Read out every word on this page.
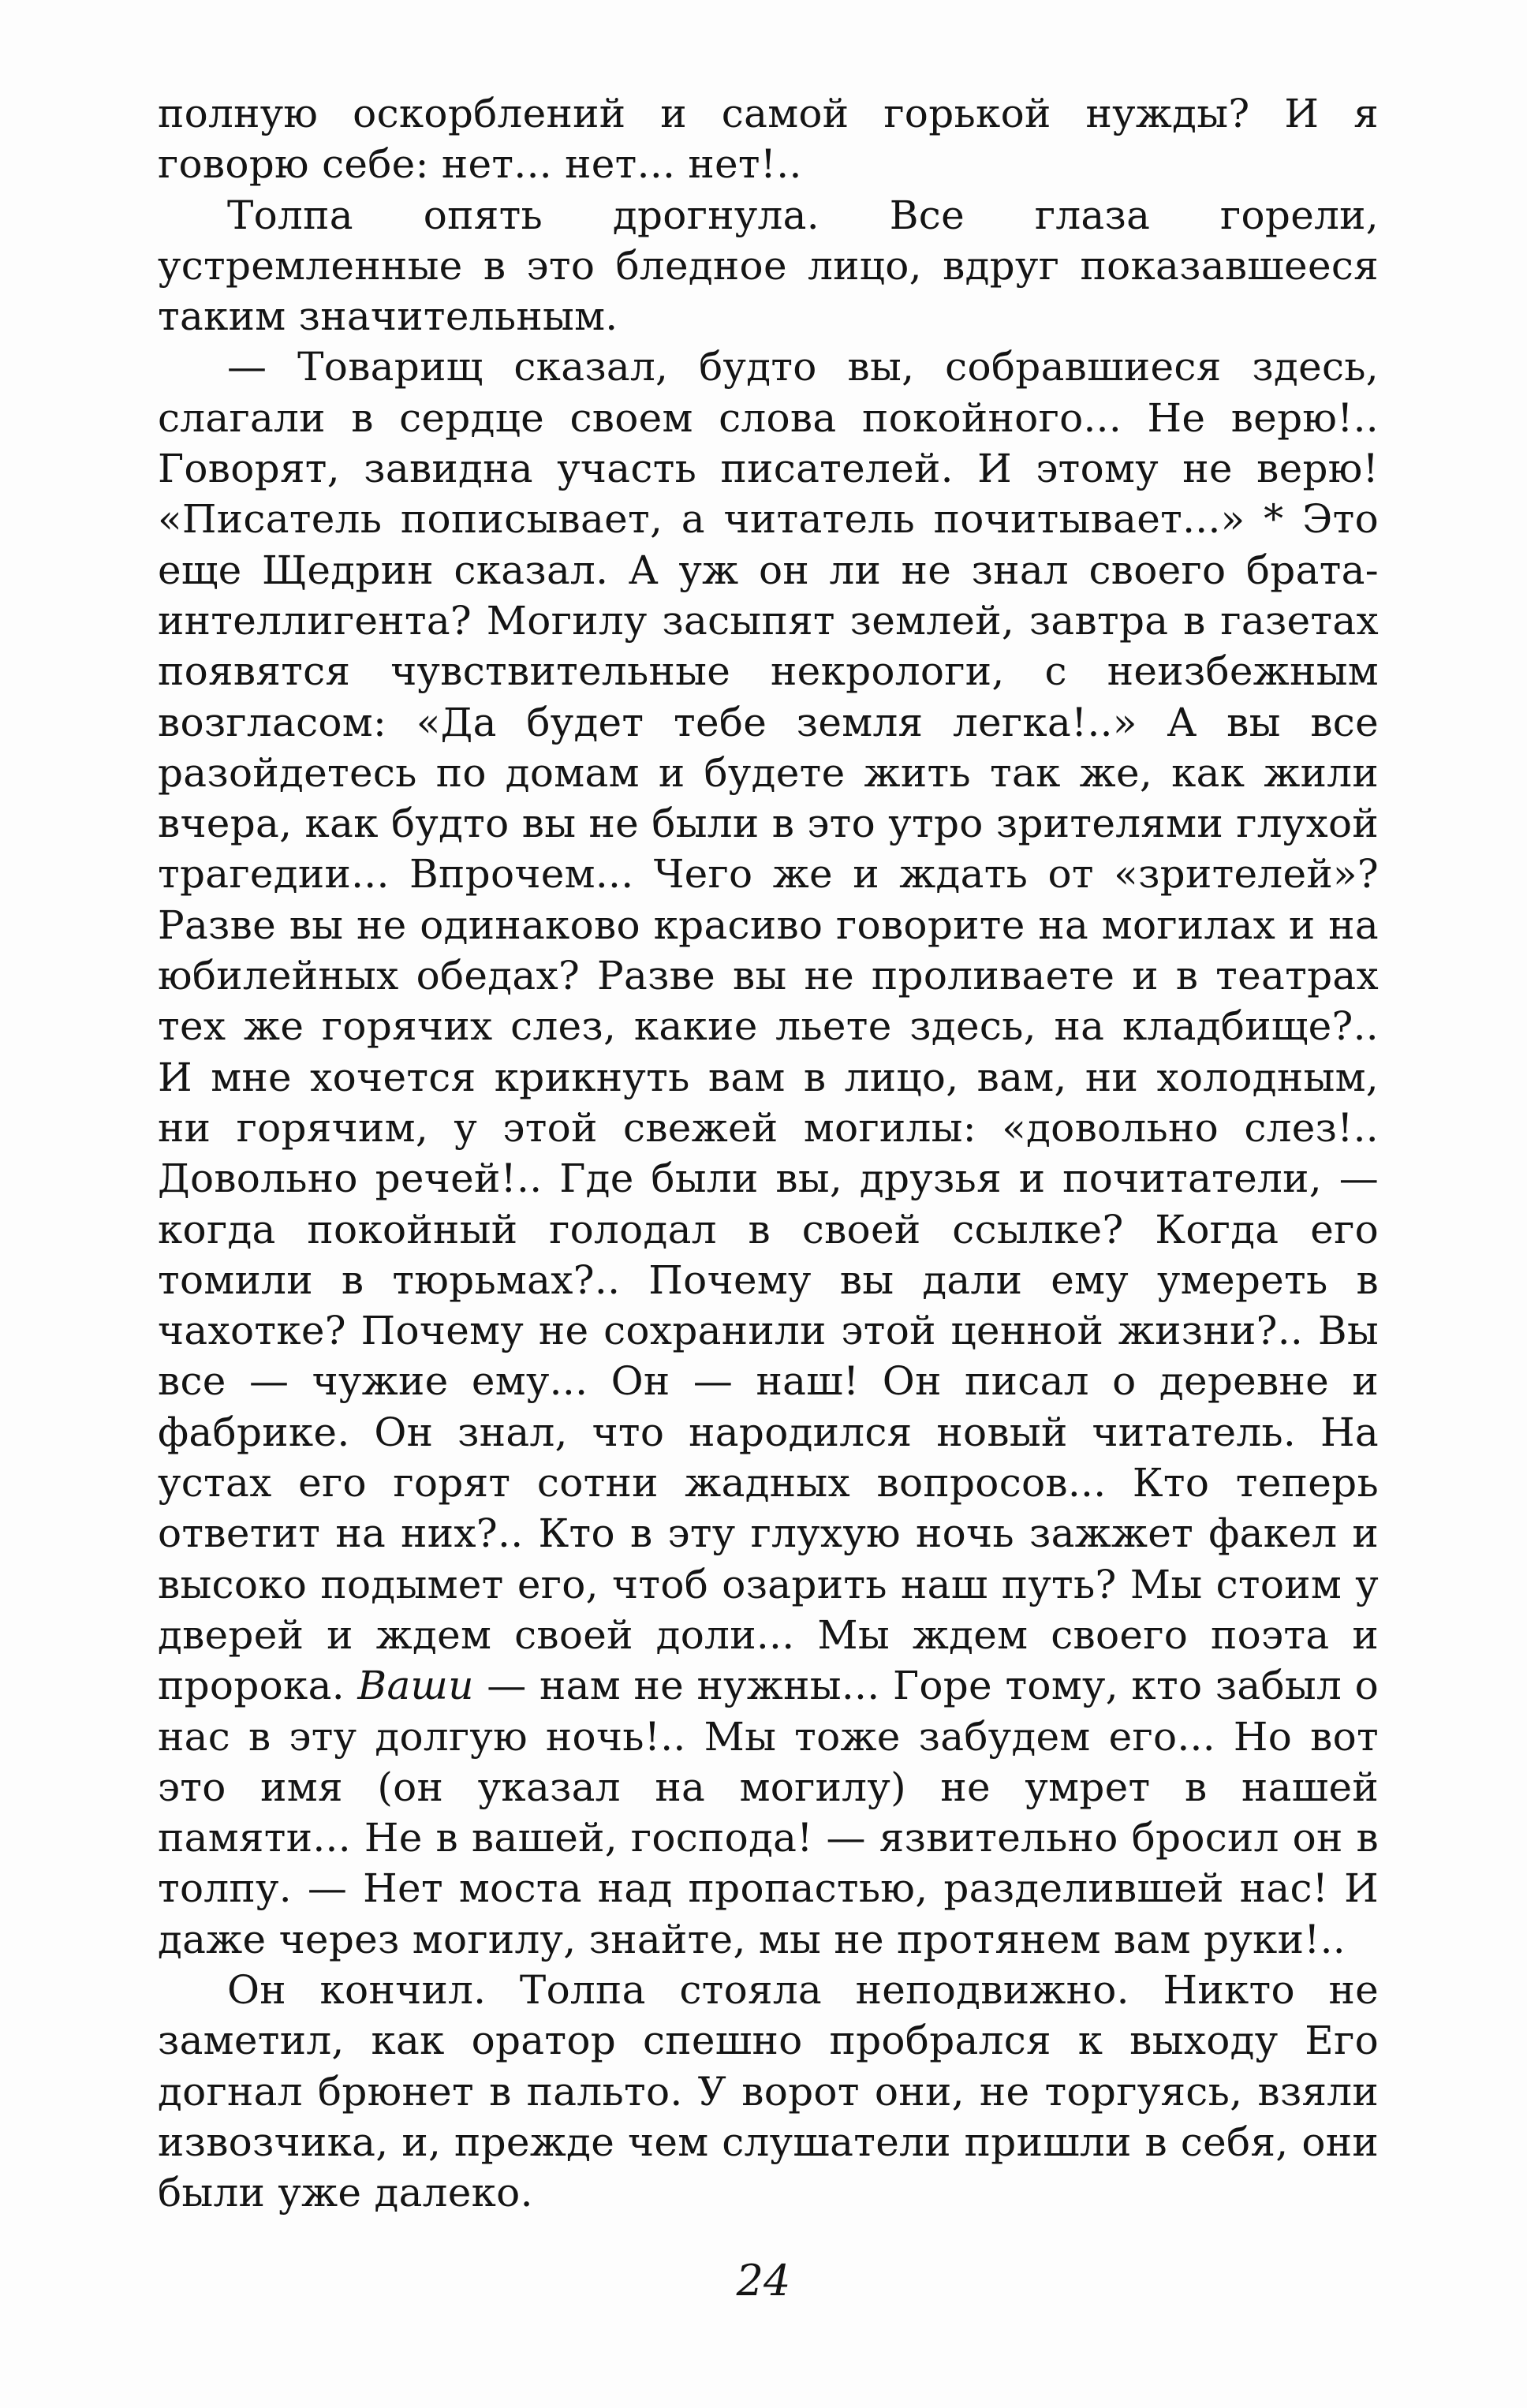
полную оскорблений и самой горькой нужды? И я говорю себе: нет... нет... нет!..

Толпа опять дрогнула. Все глаза горели, устремленные в это бледное лицо, вдруг показавшееся таким значительным.

— Товарищ сказал, будто вы, собравшиеся здесь, слагали в сердце своем слова покойного... Не верю!.. Говорят, завидна участь писателей. И этому не верю! «Писатель пописывает, а читатель почитывает...» * Это еще Щедрин сказал. А уж он ли не знал своего брата-интеллигента? Могилу засыпят землей, завтра в газетах появятся чувствительные некрологи, с неизбежным возгласом: «Да будет тебе земля легка!..» А вы все разойдетесь по домам и будете жить так же, как жили вчера, как будто вы не были в это утро зрителями глухой трагедии... Впрочем... Чего же и ждать от «зрителей»? Разве вы не одинаково красиво говорите на могилах и на юбилейных обедах? Разве вы не проливаете и в театрах тех же горячих слез, какие льете здесь, на кладбище?.. И мне хочется крикнуть вам в лицо, вам, ни холодным, ни горячим, у этой свежей могилы: «довольно слез!.. Довольно речей!.. Где были вы, друзья и почитатели, — когда покойный голодал в своей ссылке? Когда его томили в тюрьмах?.. Почему вы дали ему умереть в чахотке? Почему не сохранили этой ценной жизни?.. Вы все — чужие ему... Он — наш! Он писал о деревне и фабрике. Он знал, что народился новый читатель. На устах его горят сотни жадных вопросов... Кто теперь ответит на них?.. Кто в эту глухую ночь зажжет факел и высоко подымет его, чтоб озарить наш путь? Мы стоим у дверей и ждем своей доли... Мы ждем своего поэта и пророка. Ваши — нам не нужны... Горе тому, кто забыл о нас в эту долгую ночь!.. Мы тоже забудем его... Но вот это имя (он указал на могилу) не умрет в нашей памяти... Не в вашей, господа! — язвительно бросил он в толпу. — Нет моста над пропастью, разделившей нас! И даже через могилу, знайте, мы не протянем вам руки!..

Он кончил. Толпа стояла неподвижно. Никто не заметил, как оратор спешно пробрался к выходу Его догнал брюнет в пальто. У ворот они, не торгуясь, взяли извозчика, и, прежде чем слушатели пришли в себя, они были уже далеко.

24
